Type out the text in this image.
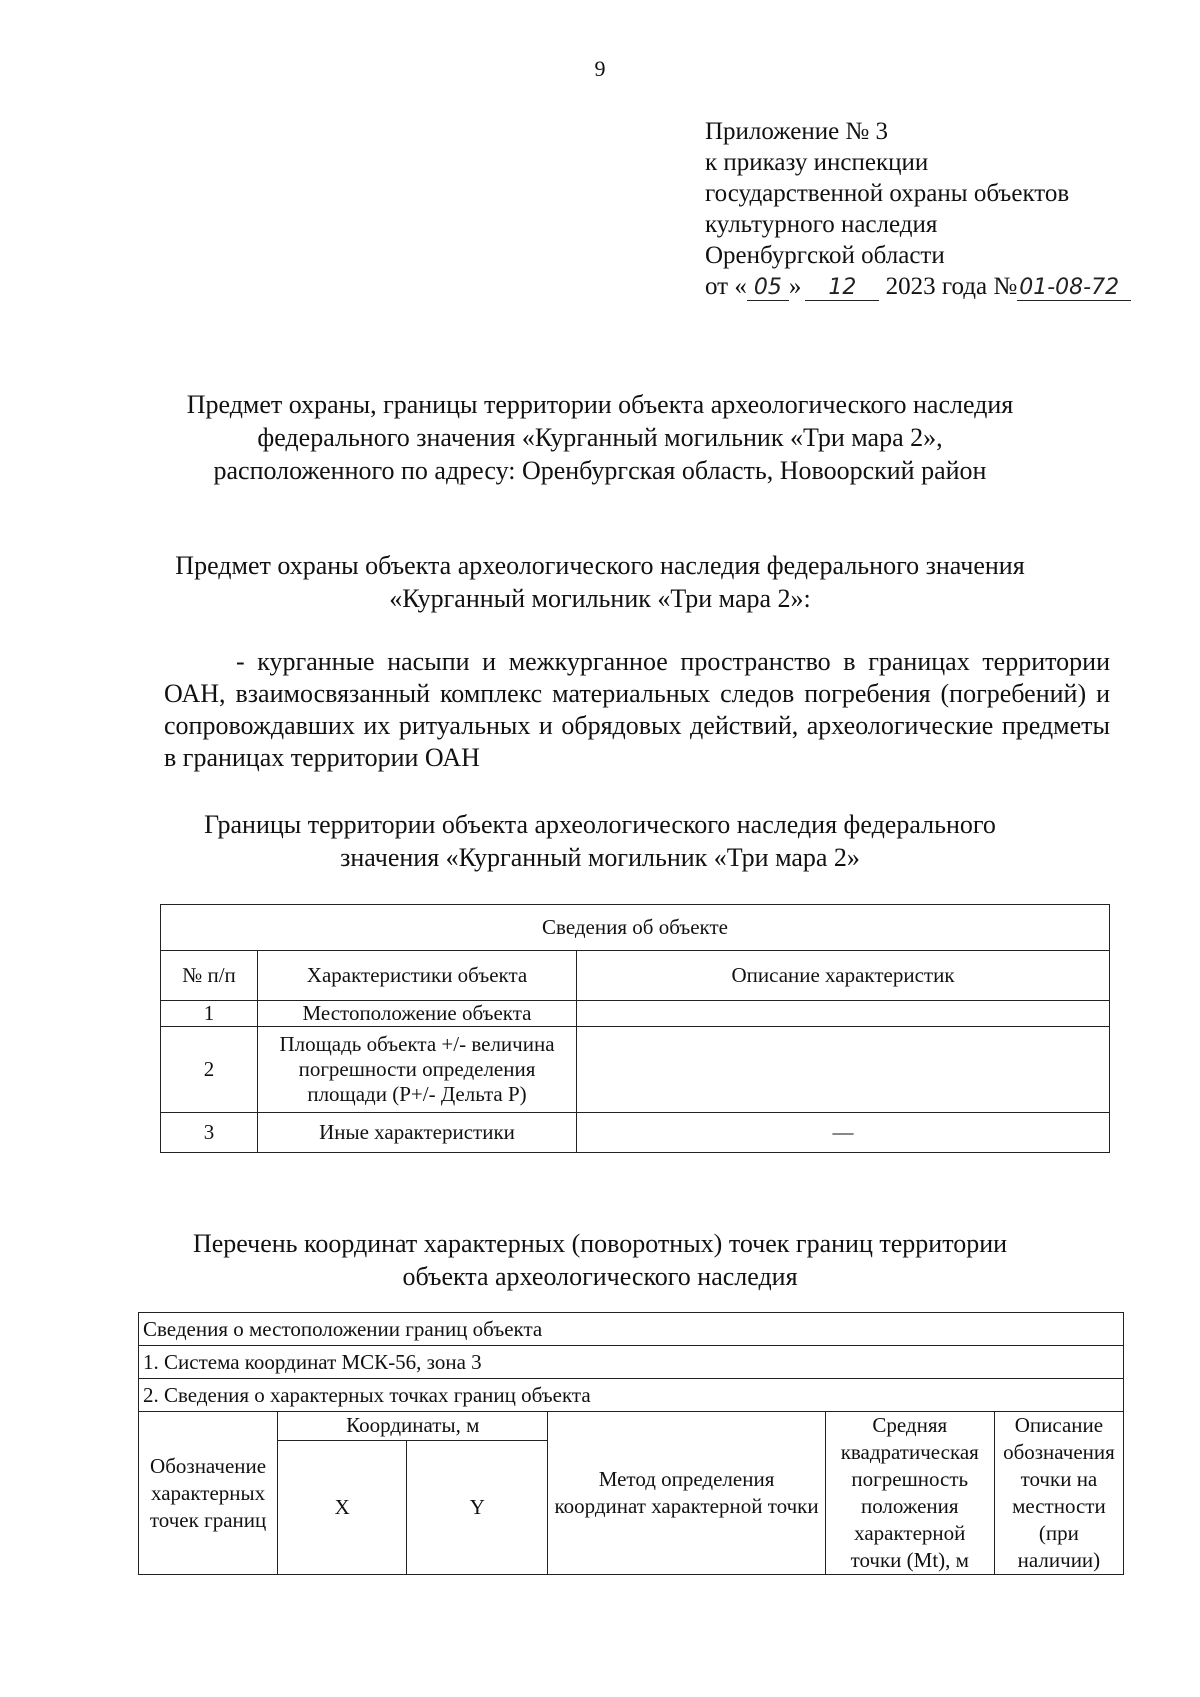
9
Приложение № 3
к приказу инспекции
государственной охраны объектов
культурного наследия
Оренбургской области
от « 05 » 12 2023 года №01-08-72
Предмет охраны, границы территории объекта археологического наследия
федерального значения «Курганный могильник «Три мара 2»,
расположенного по адресу: Оренбургская область, Новоорский район
Предмет охраны объекта археологического наследия федерального значения
«Курганный могильник «Три мара 2»:
- курганные насыпи и межкурганное пространство в границах территории ОАН, взаимосвязанный комплекс материальных следов погребения (погребений) и сопровождавших их ритуальных и обрядовых действий, археологические предметы в границах территории ОАН
Границы территории объекта археологического наследия федерального
значения «Курганный могильник «Три мара 2»
Сведения об объекте		
№ п/п	Характеристики объекта	Описание характеристик
1	Местоположение объекта	
2	Площадь объекта +/- величина погрешности определения площади (Р+/- Дельта Р)	
3	Иные характеристики	—
Перечень координат характерных (поворотных) точек границ территории
объекта археологического наследия
Сведения о местоположении границ объекта					
1. Система координат МСК-56, зона 3					
2. Сведения о характерных точках границ объекта					
Обозначение характерных точек границ	Координаты, м		Метод определения координат характерной точки	Средняя квадратическая погрешность положения характерной точки (Mt), м	Описание обозначения точки на местности (при наличии)
	X	Y			
